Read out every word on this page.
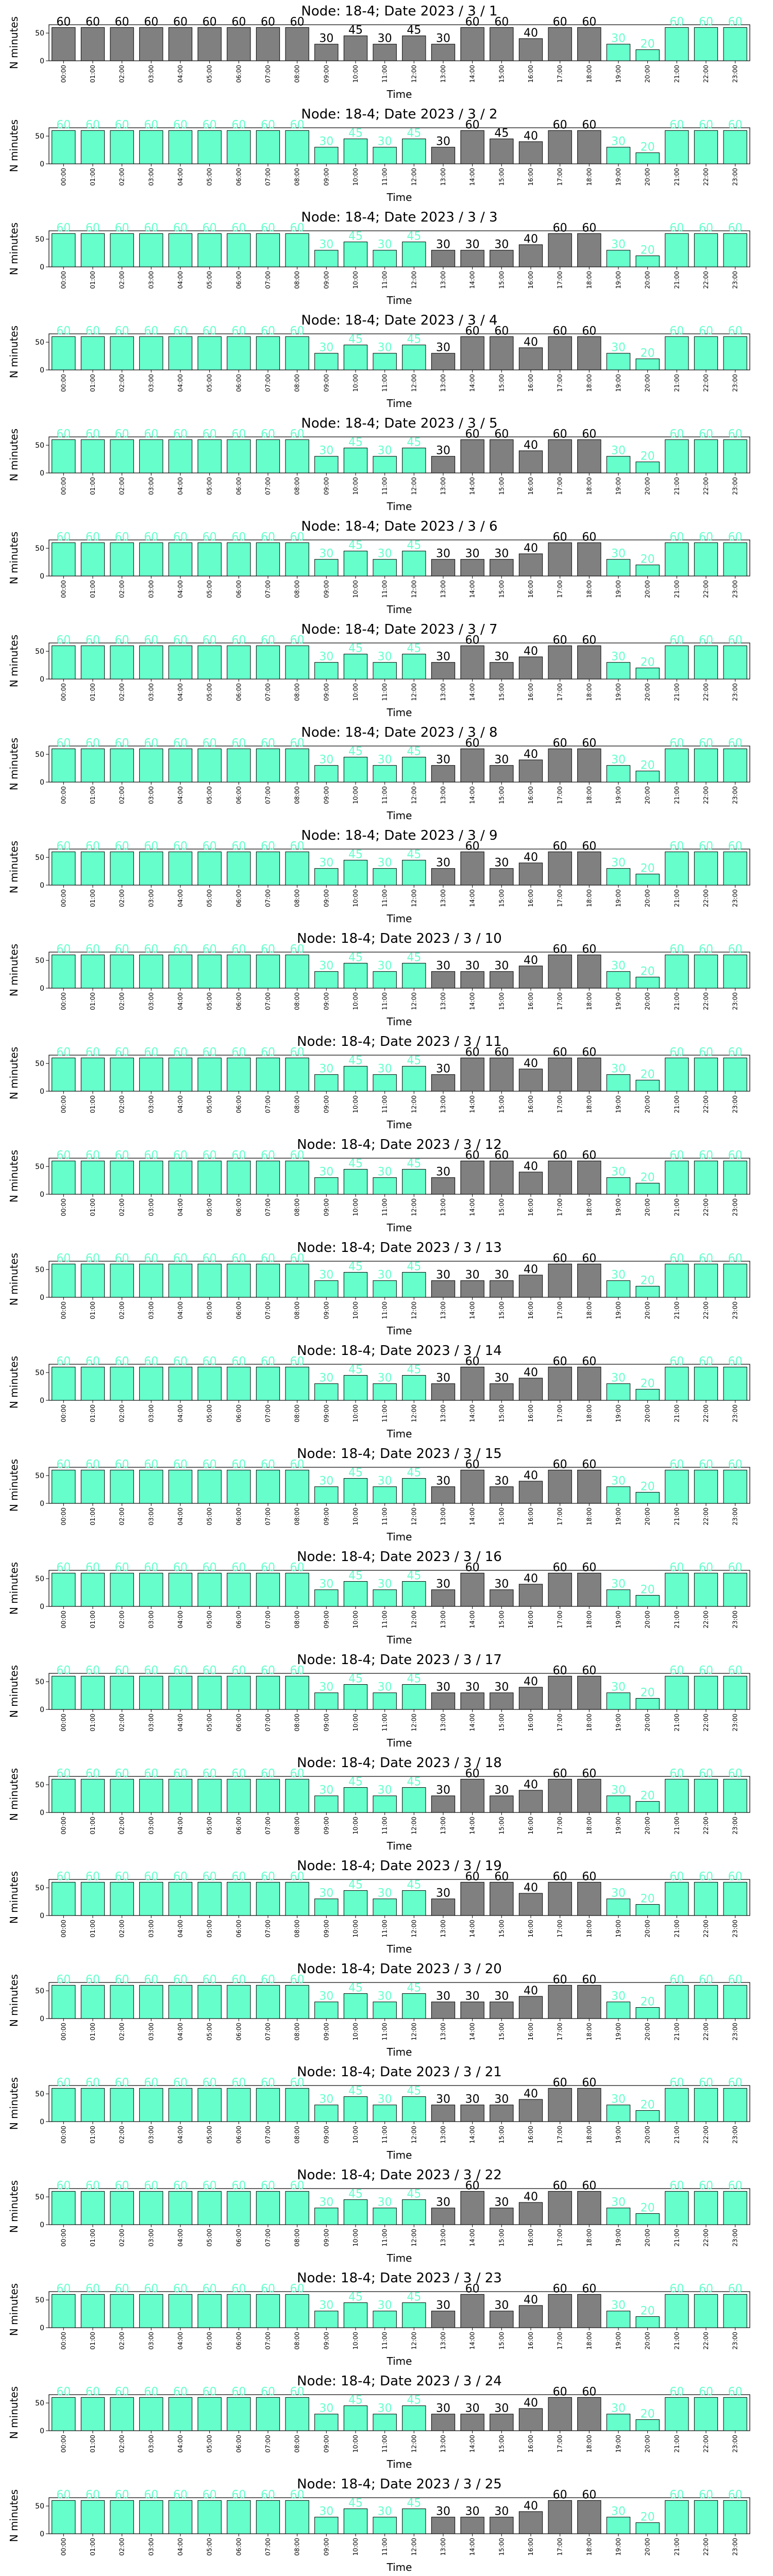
Node: 18-4; Date 2023 / 3 / 1
0
50
N minutes	60
00:00
60
01:00
60
02:00
60
03:00
60
04:00
60
05:00
60
06:00
60
07:00
60
08:00
30
09:00
45
10:00
30
11:00
45
12:00
30
13:00
60
14:00
60
15:00
40
16:00
60
17:00
60
18:00
30
19:00
20
20:00
60
21:00
60
22:00
60
23:00
Time
Node: 18-4; Date 2023 / 3 / 2
0
50
N minutes	60
00:00
60
01:00
60
02:00
60
03:00
60
04:00
60
05:00
60
06:00
60
07:00
60
08:00
30
09:00
45
10:00
30
11:00
45
12:00
30
13:00
60
14:00
45
15:00
40
16:00
60
17:00
60
18:00
30
19:00
20
20:00
60
21:00
60
22:00
60
23:00
Time
Node: 18-4; Date 2023 / 3 / 3
0
50
N minutes	60
00:00
60
01:00
60
02:00
60
03:00
60
04:00
60
05:00
60
06:00
60
07:00
60
08:00
30
09:00
45
10:00
30
11:00
45
12:00
30
13:00
30
14:00
30
15:00
40
16:00
60
17:00
60
18:00
30
19:00
20
20:00
60
21:00
60
22:00
60
23:00
Time
Node: 18-4; Date 2023 / 3 / 4
0
50
N minutes	60
00:00
60
01:00
60
02:00
60
03:00
60
04:00
60
05:00
60
06:00
60
07:00
60
08:00
30
09:00
45
10:00
30
11:00
45
12:00
30
13:00
60
14:00
60
15:00
40
16:00
60
17:00
60
18:00
30
19:00
20
20:00
60
21:00
60
22:00
60
23:00
Time
Node: 18-4; Date 2023 / 3 / 5
0
50
N minutes	60
00:00
60
01:00
60
02:00
60
03:00
60
04:00
60
05:00
60
06:00
60
07:00
60
08:00
30
09:00
45
10:00
30
11:00
45
12:00
30
13:00
60
14:00
60
15:00
40
16:00
60
17:00
60
18:00
30
19:00
20
20:00
60
21:00
60
22:00
60
23:00
Time
Node: 18-4; Date 2023 / 3 / 6
0
50
N minutes	60
00:00
60
01:00
60
02:00
60
03:00
60
04:00
60
05:00
60
06:00
60
07:00
60
08:00
30
09:00
45
10:00
30
11:00
45
12:00
30
13:00
30
14:00
30
15:00
40
16:00
60
17:00
60
18:00
30
19:00
20
20:00
60
21:00
60
22:00
60
23:00
Time
Node: 18-4; Date 2023 / 3 / 7
0
50
N minutes	60
00:00
60
01:00
60
02:00
60
03:00
60
04:00
60
05:00
60
06:00
60
07:00
60
08:00
30
09:00
45
10:00
30
11:00
45
12:00
30
13:00
60
14:00
30
15:00
40
16:00
60
17:00
60
18:00
30
19:00
20
20:00
60
21:00
60
22:00
60
23:00
Time
Node: 18-4; Date 2023 / 3 / 8
0
50
N minutes	60
00:00
60
01:00
60
02:00
60
03:00
60
04:00
60
05:00
60
06:00
60
07:00
60
08:00
30
09:00
45
10:00
30
11:00
45
12:00
30
13:00
60
14:00
30
15:00
40
16:00
60
17:00
60
18:00
30
19:00
20
20:00
60
21:00
60
22:00
60
23:00
Time
Node: 18-4; Date 2023 / 3 / 9
0
50
N minutes	60
00:00
60
01:00
60
02:00
60
03:00
60
04:00
60
05:00
60
06:00
60
07:00
60
08:00
30
09:00
45
10:00
30
11:00
45
12:00
30
13:00
60
14:00
30
15:00
40
16:00
60
17:00
60
18:00
30
19:00
20
20:00
60
21:00
60
22:00
60
23:00
Time
Node: 18-4; Date 2023 / 3 / 10
0
50
N minutes	60
00:00
60
01:00
60
02:00
60
03:00
60
04:00
60
05:00
60
06:00
60
07:00
60
08:00
30
09:00
45
10:00
30
11:00
45
12:00
30
13:00
30
14:00
30
15:00
40
16:00
60
17:00
60
18:00
30
19:00
20
20:00
60
21:00
60
22:00
60
23:00
Time
Node: 18-4; Date 2023 / 3 / 11
0
50
N minutes	60
00:00
60
01:00
60
02:00
60
03:00
60
04:00
60
05:00
60
06:00
60
07:00
60
08:00
30
09:00
45
10:00
30
11:00
45
12:00
30
13:00
60
14:00
60
15:00
40
16:00
60
17:00
60
18:00
30
19:00
20
20:00
60
21:00
60
22:00
60
23:00
Time
Node: 18-4; Date 2023 / 3 / 12
0
50
N minutes	60
00:00
60
01:00
60
02:00
60
03:00
60
04:00
60
05:00
60
06:00
60
07:00
60
08:00
30
09:00
45
10:00
30
11:00
45
12:00
30
13:00
60
14:00
60
15:00
40
16:00
60
17:00
60
18:00
30
19:00
20
20:00
60
21:00
60
22:00
60
23:00
Time
Node: 18-4; Date 2023 / 3 / 13
0
50
N minutes	60
00:00
60
01:00
60
02:00
60
03:00
60
04:00
60
05:00
60
06:00
60
07:00
60
08:00
30
09:00
45
10:00
30
11:00
45
12:00
30
13:00
30
14:00
30
15:00
40
16:00
60
17:00
60
18:00
30
19:00
20
20:00
60
21:00
60
22:00
60
23:00
Time
Node: 18-4; Date 2023 / 3 / 14
0
50
N minutes	60
00:00
60
01:00
60
02:00
60
03:00
60
04:00
60
05:00
60
06:00
60
07:00
60
08:00
30
09:00
45
10:00
30
11:00
45
12:00
30
13:00
60
14:00
30
15:00
40
16:00
60
17:00
60
18:00
30
19:00
20
20:00
60
21:00
60
22:00
60
23:00
Time
Node: 18-4; Date 2023 / 3 / 15
0
50
N minutes	60
00:00
60
01:00
60
02:00
60
03:00
60
04:00
60
05:00
60
06:00
60
07:00
60
08:00
30
09:00
45
10:00
30
11:00
45
12:00
30
13:00
60
14:00
30
15:00
40
16:00
60
17:00
60
18:00
30
19:00
20
20:00
60
21:00
60
22:00
60
23:00
Time
Node: 18-4; Date 2023 / 3 / 16
0
50
N minutes	60
00:00
60
01:00
60
02:00
60
03:00
60
04:00
60
05:00
60
06:00
60
07:00
60
08:00
30
09:00
45
10:00
30
11:00
45
12:00
30
13:00
60
14:00
30
15:00
40
16:00
60
17:00
60
18:00
30
19:00
20
20:00
60
21:00
60
22:00
60
23:00
Time
Node: 18-4; Date 2023 / 3 / 17
0
50
N minutes	60
00:00
60
01:00
60
02:00
60
03:00
60
04:00
60
05:00
60
06:00
60
07:00
60
08:00
30
09:00
45
10:00
30
11:00
45
12:00
30
13:00
30
14:00
30
15:00
40
16:00
60
17:00
60
18:00
30
19:00
20
20:00
60
21:00
60
22:00
60
23:00
Time
Node: 18-4; Date 2023 / 3 / 18
0
50
N minutes	60
00:00
60
01:00
60
02:00
60
03:00
60
04:00
60
05:00
60
06:00
60
07:00
60
08:00
30
09:00
45
10:00
30
11:00
45
12:00
30
13:00
60
14:00
30
15:00
40
16:00
60
17:00
60
18:00
30
19:00
20
20:00
60
21:00
60
22:00
60
23:00
Time
Node: 18-4; Date 2023 / 3 / 19
0
50
N minutes	60
00:00
60
01:00
60
02:00
60
03:00
60
04:00
60
05:00
60
06:00
60
07:00
60
08:00
30
09:00
45
10:00
30
11:00
45
12:00
30
13:00
60
14:00
60
15:00
40
16:00
60
17:00
60
18:00
30
19:00
20
20:00
60
21:00
60
22:00
60
23:00
Time
Node: 18-4; Date 2023 / 3 / 20
0
50
N minutes	60
00:00
60
01:00
60
02:00
60
03:00
60
04:00
60
05:00
60
06:00
60
07:00
60
08:00
30
09:00
45
10:00
30
11:00
45
12:00
30
13:00
30
14:00
30
15:00
40
16:00
60
17:00
60
18:00
30
19:00
20
20:00
60
21:00
60
22:00
60
23:00
Time
Node: 18-4; Date 2023 / 3 / 21
0
50
N minutes	60
00:00
60
01:00
60
02:00
60
03:00
60
04:00
60
05:00
60
06:00
60
07:00
60
08:00
30
09:00
45
10:00
30
11:00
45
12:00
30
13:00
30
14:00
30
15:00
40
16:00
60
17:00
60
18:00
30
19:00
20
20:00
60
21:00
60
22:00
60
23:00
Time
Node: 18-4; Date 2023 / 3 / 22
0
50
N minutes	60
00:00
60
01:00
60
02:00
60
03:00
60
04:00
60
05:00
60
06:00
60
07:00
60
08:00
30
09:00
45
10:00
30
11:00
45
12:00
30
13:00
60
14:00
30
15:00
40
16:00
60
17:00
60
18:00
30
19:00
20
20:00
60
21:00
60
22:00
60
23:00
Time
Node: 18-4; Date 2023 / 3 / 23
0
50
N minutes	60
00:00
60
01:00
60
02:00
60
03:00
60
04:00
60
05:00
60
06:00
60
07:00
60
08:00
30
09:00
45
10:00
30
11:00
45
12:00
30
13:00
60
14:00
30
15:00
40
16:00
60
17:00
60
18:00
30
19:00
20
20:00
60
21:00
60
22:00
60
23:00
Time
Node: 18-4; Date 2023 / 3 / 24
0
50
N minutes	60
00:00
60
01:00
60
02:00
60
03:00
60
04:00
60
05:00
60
06:00
60
07:00
60
08:00
30
09:00
45
10:00
30
11:00
45
12:00
30
13:00
30
14:00
30
15:00
40
16:00
60
17:00
60
18:00
30
19:00
20
20:00
60
21:00
60
22:00
60
23:00
Time
Node: 18-4; Date 2023 / 3 / 25
0
50
N minutes	60
00:00
60
01:00
60
02:00
60
03:00
60
04:00
60
05:00
60
06:00
60
07:00
60
08:00
30
09:00
45
10:00
30
11:00
45
12:00
30
13:00
30
14:00
30
15:00
40
16:00
60
17:00
60
18:00
30
19:00
20
20:00
60
21:00
60
22:00
60
23:00
Time
